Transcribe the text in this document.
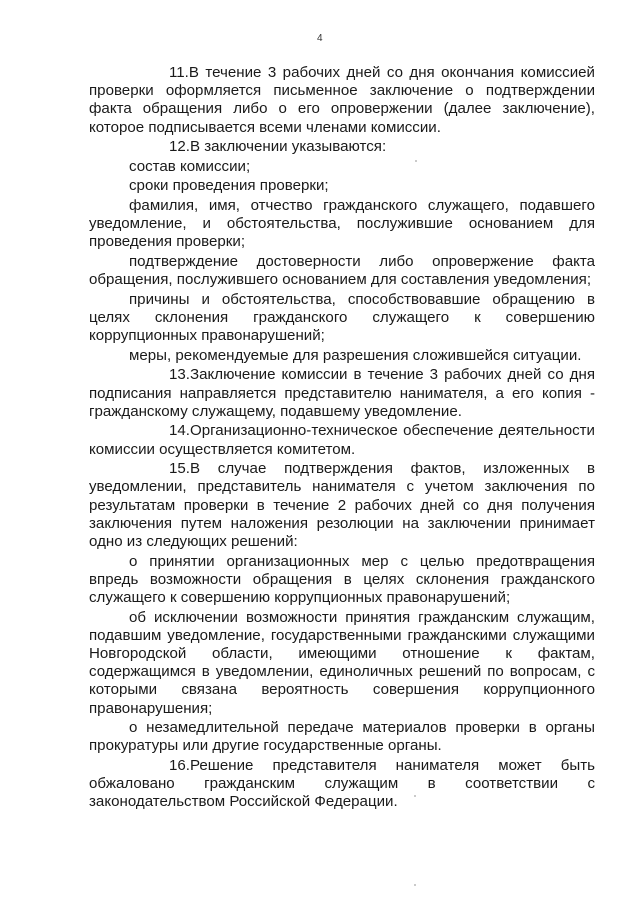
4

11.В течение 3 рабочих дней со дня окончания комиссией проверки оформляется письменное заключение о подтверждении факта обращения либо о его опровержении (далее заключение), которое подписывается всеми членами комиссии.

12.В заключении указываются:

состав комиссии;

сроки проведения проверки;

фамилия, имя, отчество гражданского служащего, подавшего уведомление, и обстоятельства, послужившие основанием для проведения проверки;

подтверждение достоверности либо опровержение факта обращения, послужившего основанием для составления уведомления;

причины и обстоятельства, способствовавшие обращению в целях склонения гражданского служащего к совершению коррупционных правонарушений;

меры, рекомендуемые для разрешения сложившейся ситуации.

13.Заключение комиссии в течение 3 рабочих дней со дня подписания направляется представителю нанимателя, а его копия - гражданскому служащему, подавшему уведомление.

14.Организационно-техническое обеспечение деятельности комиссии осуществляется комитетом.

15.В случае подтверждения фактов, изложенных в уведомлении, представитель нанимателя с учетом заключения по результатам проверки в течение 2 рабочих дней со дня получения заключения путем наложения резолюции на заключении принимает одно из следующих решений:

о принятии организационных мер с целью предотвращения впредь возможности обращения в целях склонения гражданского служащего к совершению коррупционных правонарушений;

об исключении возможности принятия гражданским служащим, подавшим уведомление, государственными гражданскими служащими Новгородской области, имеющими отношение к фактам, содержащимся в уведомлении, единоличных решений по вопросам, с которыми связана вероятность совершения коррупционного правонарушения;

о незамедлительной передаче материалов проверки в органы прокуратуры или другие государственные органы.

16.Решение представителя нанимателя может быть обжаловано гражданским служащим в соответствии с законодательством Российской Федерации.
